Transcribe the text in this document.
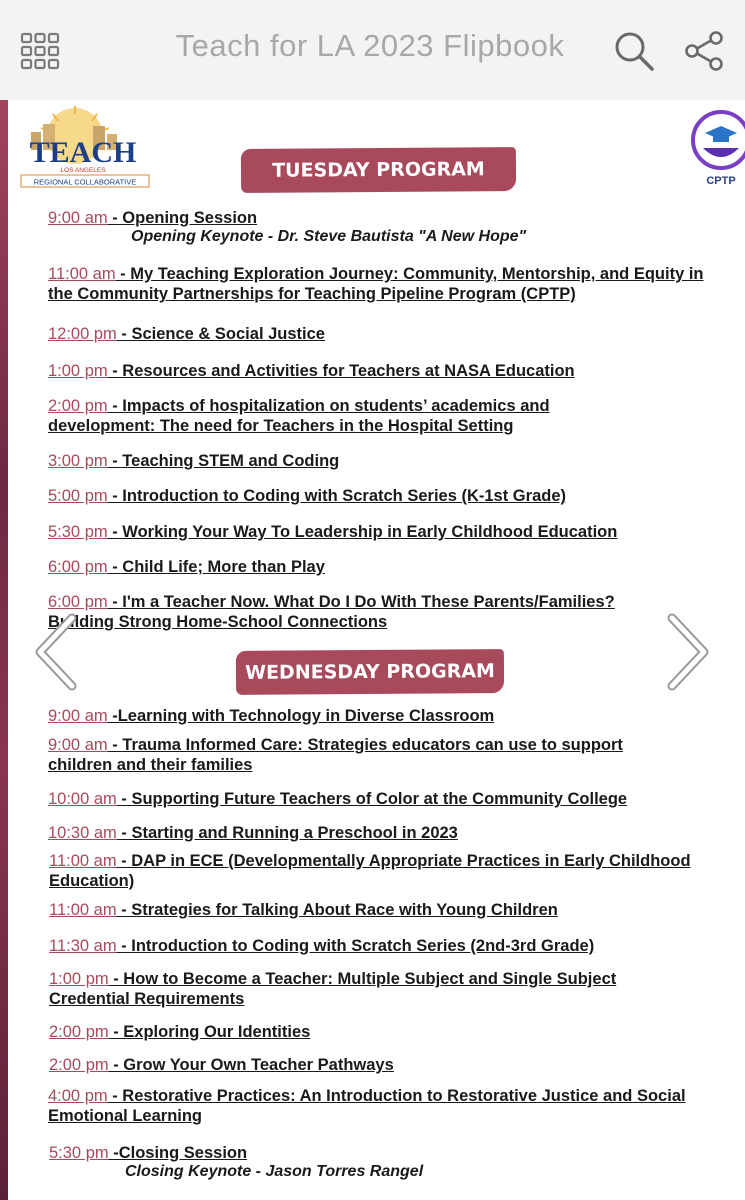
Teach for LA 2023 Flipbook
TEACH
LOS ANGELES
REGIONAL COLLABORATIVE	CPTP
TUESDAY PROGRAM
9:00 am - Opening Session
Opening Keynote - Dr. Steve Bautista "A New Hope"
11:00 am - My Teaching Exploration Journey: Community, Mentorship, and Equity in the Community Partnerships for Teaching Pipeline Program (CPTP)
12:00 pm - Science & Social Justice
1:00 pm - Resources and Activities for Teachers at NASA Education
2:00 pm - Impacts of hospitalization on students’ academics and development: The need for Teachers in the Hospital Setting
3:00 pm - Teaching STEM and Coding
5:00 pm - Introduction to Coding with Scratch Series (K-1st Grade)
5:30 pm - Working Your Way To Leadership in Early Childhood Education
6:00 pm - Child Life; More than Play
6:00 pm - I'm a Teacher Now. What Do I Do With These Parents/Families? Building Strong Home-School Connections
WEDNESDAY PROGRAM
9:00 am -Learning with Technology in Diverse Classroom
9:00 am - Trauma Informed Care: Strategies educators can use to support children and their families
10:00 am - Supporting Future Teachers of Color at the Community College
10:30 am - Starting and Running a Preschool in 2023
11:00 am - DAP in ECE (Developmentally Appropriate Practices in Early Childhood Education)
11:00 am - Strategies for Talking About Race with Young Children
11:30 am - Introduction to Coding with Scratch Series (2nd-3rd Grade)
1:00 pm - How to Become a Teacher: Multiple Subject and Single Subject Credential Requirements
2:00 pm - Exploring Our Identities
2:00 pm - Grow Your Own Teacher Pathways
4:00 pm - Restorative Practices: An Introduction to Restorative Justice and Social Emotional Learning
5:30 pm -Closing Session
Closing Keynote - Jason Torres Rangel
